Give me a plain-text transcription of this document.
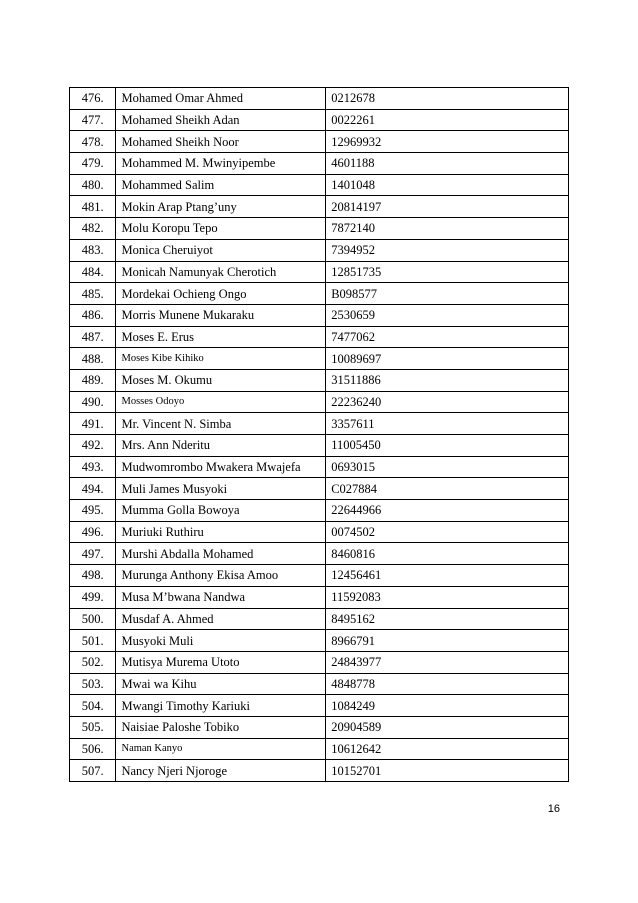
476.	Mohamed Omar Ahmed	0212678
477.	Mohamed Sheikh Adan	0022261
478.	Mohamed Sheikh Noor	12969932
479.	Mohammed M. Mwinyipembe	4601188
480.	Mohammed Salim	1401048
481.	Mokin Arap Ptang’uny	20814197
482.	Molu Koropu Tepo	7872140
483.	Monica Cheruiyot	7394952
484.	Monicah Namunyak Cherotich	12851735
485.	Mordekai Ochieng Ongo	B098577
486.	Morris Munene Mukaraku	2530659
487.	Moses E. Erus	7477062
488.	Moses Kibe Kihiko	10089697
489.	Moses M. Okumu	31511886
490.	Mosses Odoyo	22236240
491.	Mr. Vincent N. Simba	3357611
492.	Mrs. Ann Nderitu	11005450
493.	Mudwomrombo Mwakera Mwajefa	0693015
494.	Muli James Musyoki	C027884
495.	Mumma Golla Bowoya	22644966
496.	Muriuki Ruthiru	0074502
497.	Murshi Abdalla Mohamed	8460816
498.	Murunga Anthony Ekisa Amoo	12456461
499.	Musa M’bwana Nandwa	11592083
500.	Musdaf A. Ahmed	8495162
501.	Musyoki Muli	8966791
502.	Mutisya Murema Utoto	24843977
503.	Mwai wa Kihu	4848778
504.	Mwangi Timothy Kariuki	1084249
505.	Naisiae Paloshe Tobiko	20904589
506.	Naman Kanyo	10612642
507.	Nancy Njeri Njoroge	10152701
16
